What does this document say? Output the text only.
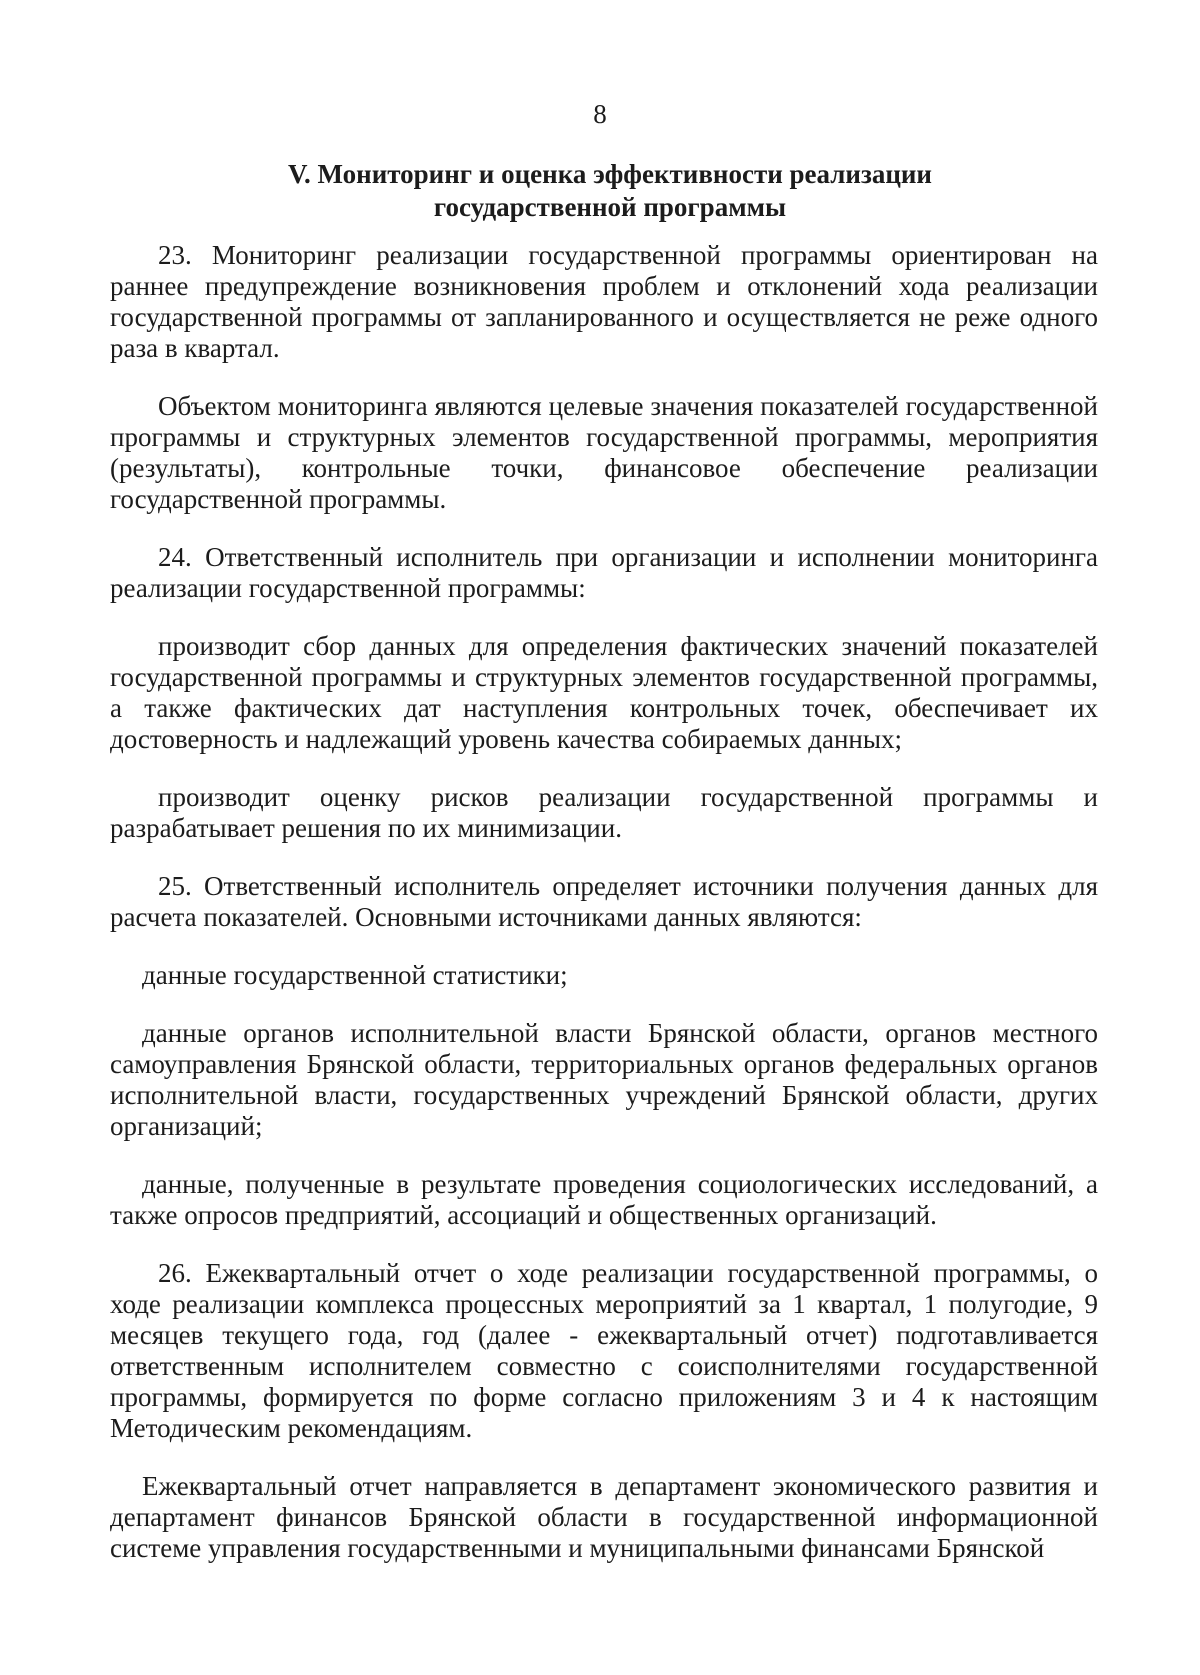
8
V. Мониторинг и оценка эффективности реализации
государственной программы

23. Мониторинг реализации государственной программы ориентирован на раннее предупреждение возникновения проблем и отклонений хода реализации государственной программы от запланированного и осуществляется не реже одного раза в квартал.

Объектом мониторинга являются целевые значения показателей государственной программы и структурных элементов государственной программы, мероприятия (результаты), контрольные точки, финансовое обеспечение реализации государственной программы.

24. Ответственный исполнитель при организации и исполнении мониторинга реализации государственной программы:

производит сбор данных для определения фактических значений показателей государственной программы и структурных элементов государственной программы, а также фактических дат наступления контрольных точек, обеспечивает их достоверность и надлежащий уровень качества собираемых данных;

производит оценку рисков реализации государственной программы и разрабатывает решения по их минимизации.

25. Ответственный исполнитель определяет источники получения данных для расчета показателей. Основными источниками данных являются:

данные государственной статистики;

данные органов исполнительной власти Брянской области, органов местного самоуправления Брянской области, территориальных органов федеральных органов исполнительной власти, государственных учреждений Брянской области, других организаций;

данные, полученные в результате проведения социологических исследований, а также опросов предприятий, ассоциаций и общественных организаций.

26. Ежеквартальный отчет о ходе реализации государственной программы, о ходе реализации комплекса процессных мероприятий за 1 квартал, 1 полугодие, 9 месяцев текущего года, год (далее - ежеквартальный отчет) подготавливается ответственным исполнителем совместно с соисполнителями государственной программы, формируется по форме согласно приложениям 3 и 4 к настоящим Методическим рекомендациям.

Ежеквартальный отчет направляется в департамент экономического развития и департамент финансов Брянской области в государственной информационной системе управления государственными и муниципальными финансами Брянской
